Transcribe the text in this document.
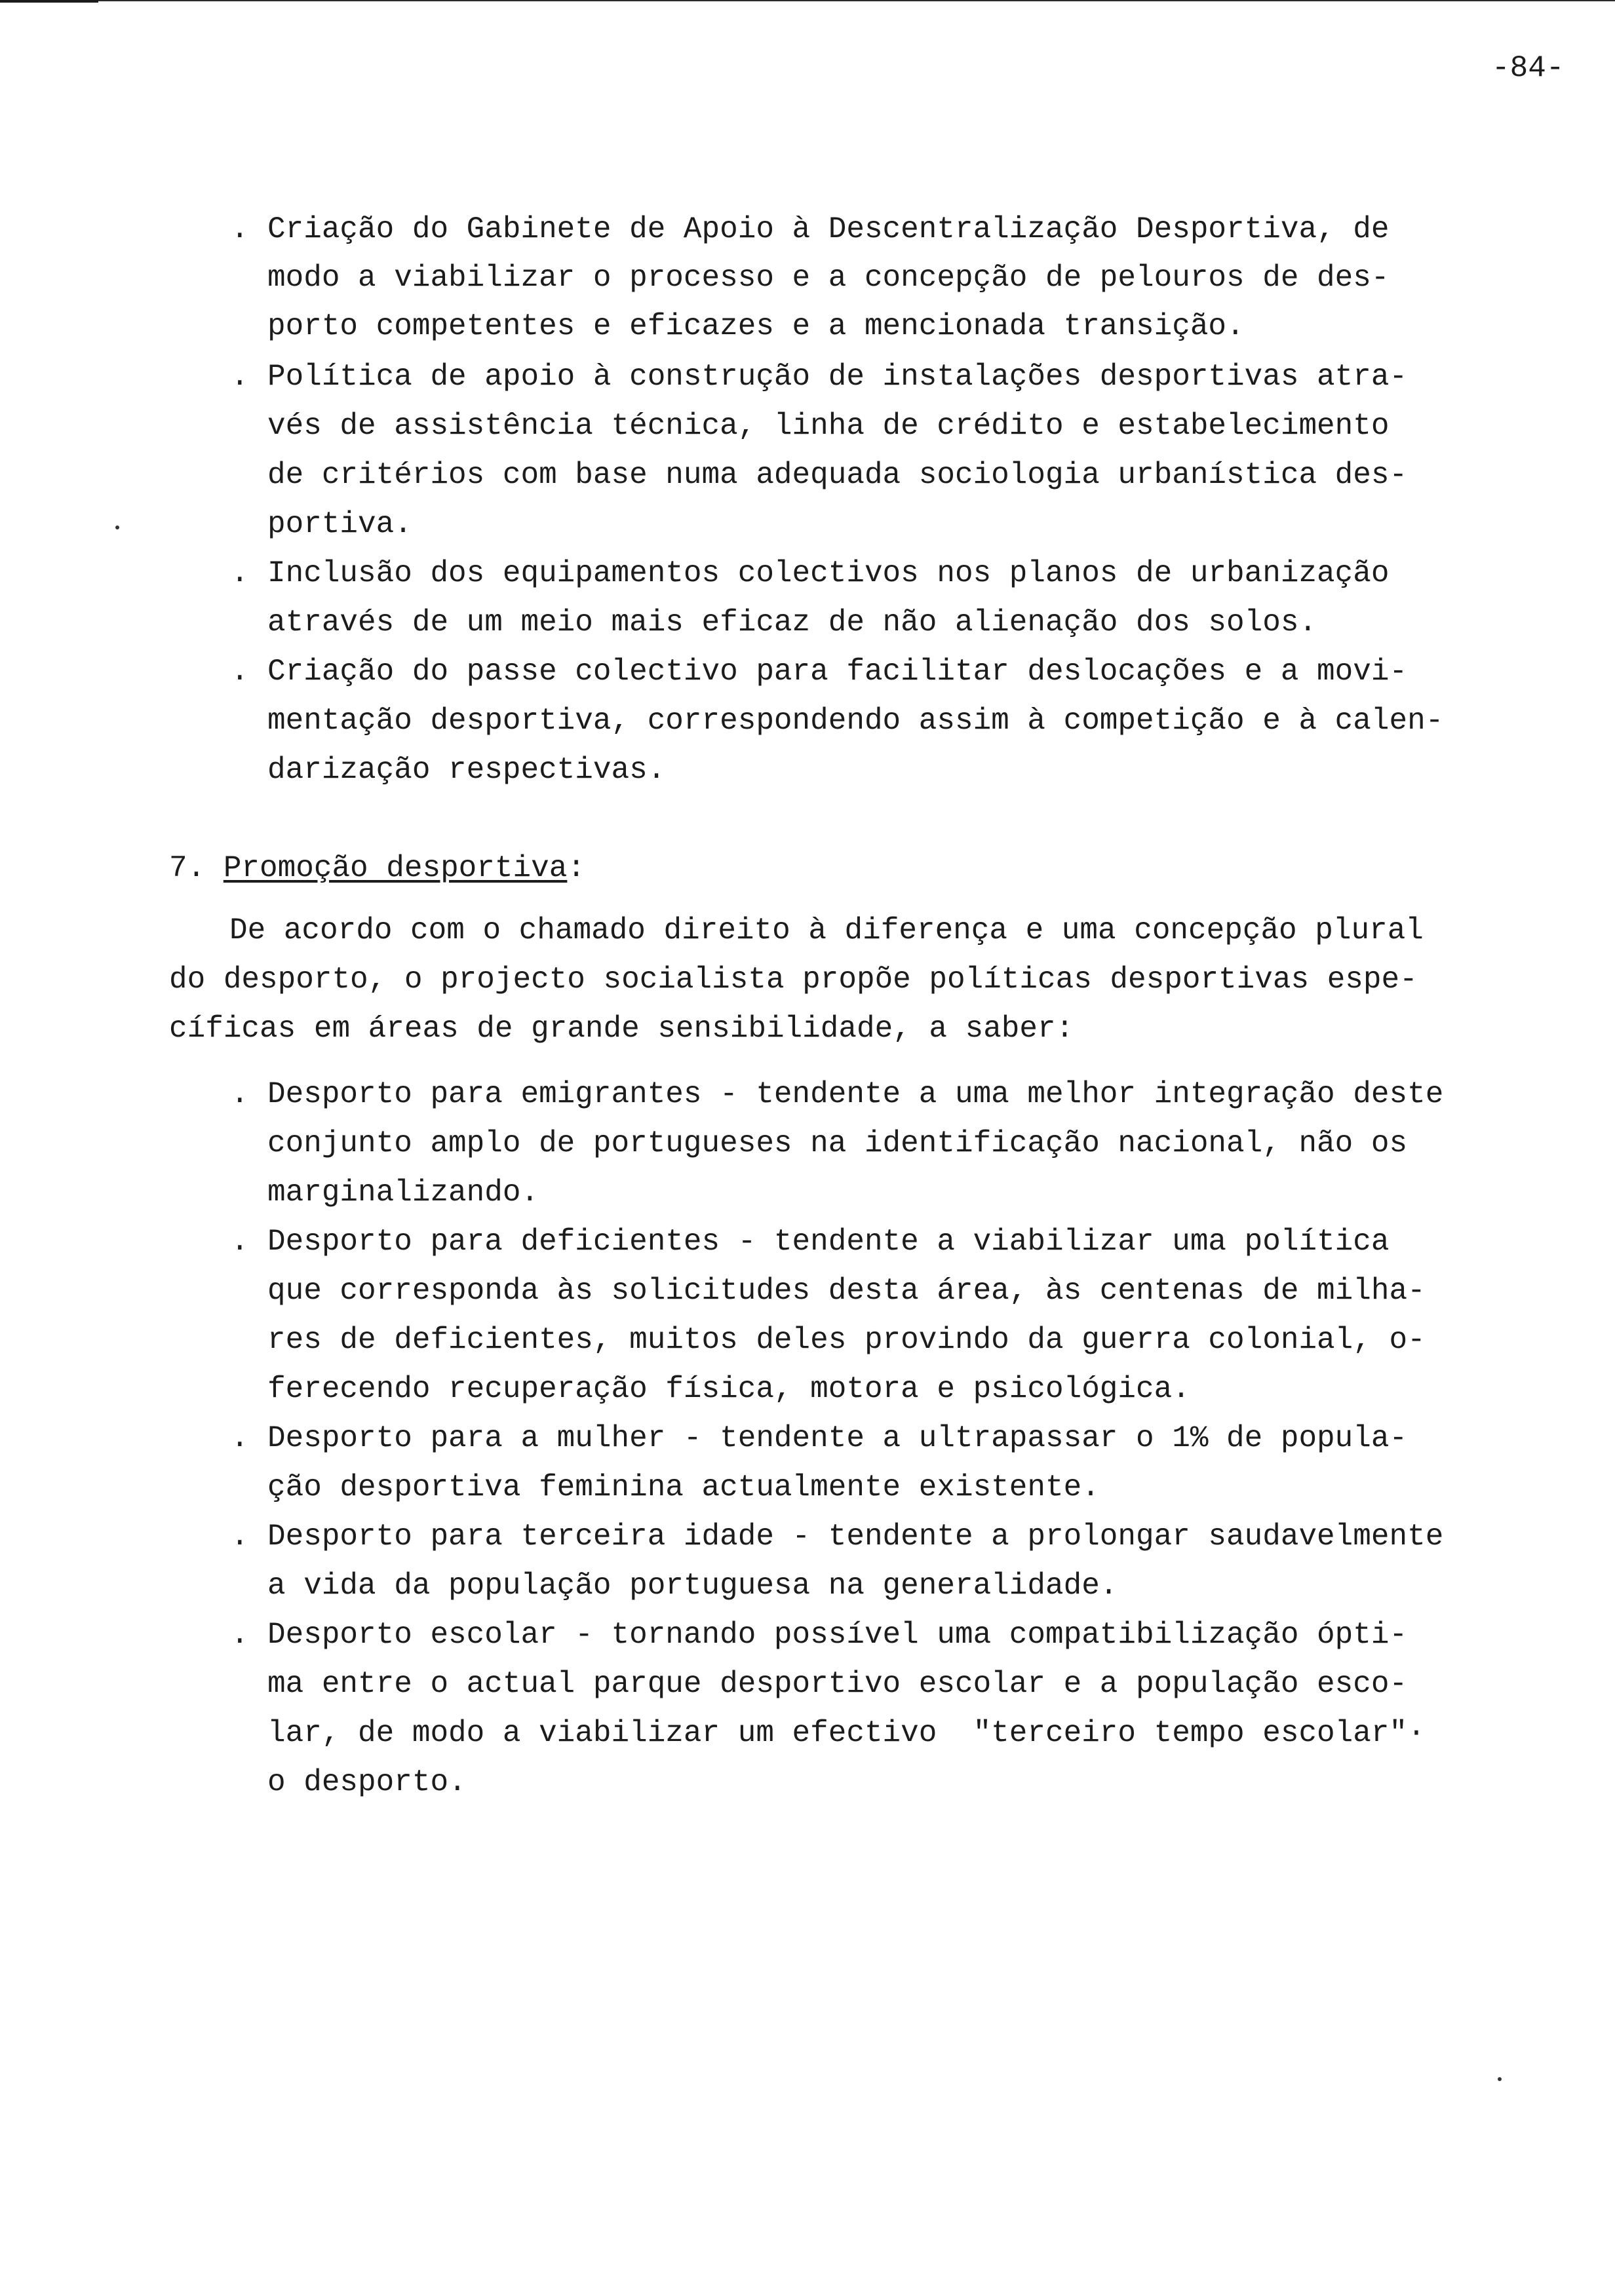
-84-
. Criação do Gabinete de Apoio à Descentralização Desportiva, de
modo a viabilizar o processo e a concepção de pelouros de des-
porto competentes e eficazes e a mencionada transição.
. Política de apoio à construção de instalações desportivas atra-
vés de assistência técnica, linha de crédito e estabelecimento
de critérios com base numa adequada sociologia urbanística des-
portiva.
. Inclusão dos equipamentos colectivos nos planos de urbanização
através de um meio mais eficaz de não alienação dos solos.
. Criação do passe colectivo para facilitar deslocações e a movi-
mentação desportiva, correspondendo assim à competição e à calen-
darização respectivas.
7. Promoção desportiva:
De acordo com o chamado direito à diferença e uma concepção plural
do desporto, o projecto socialista propõe políticas desportivas espe-
cíficas em áreas de grande sensibilidade, a saber:
. Desporto para emigrantes - tendente a uma melhor integração deste
conjunto amplo de portugueses na identificação nacional, não os
marginalizando.
. Desporto para deficientes - tendente a viabilizar uma política
que corresponda às solicitudes desta área, às centenas de milha-
res de deficientes, muitos deles provindo da guerra colonial, o-
ferecendo recuperação física, motora e psicológica.
. Desporto para a mulher - tendente a ultrapassar o 1% de popula-
ção desportiva feminina actualmente existente.
. Desporto para terceira idade - tendente a prolongar saudavelmente
a vida da população portuguesa na generalidade.
. Desporto escolar - tornando possível uma compatibilização ópti-
ma entre o actual parque desportivo escolar e a população esco-
lar, de modo a viabilizar um efectivo  "terceiro tempo escolar"·
o desporto.
